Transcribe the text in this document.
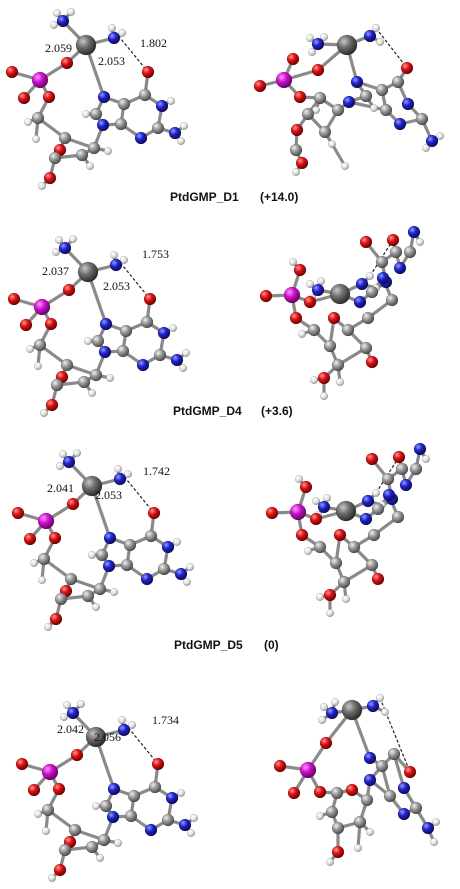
2.059
2.053
1.802
PtdGMP_D1 (+14.0)
2.037
2.053
1.753
PtdGMP_D4 (+3.6)
2.041 2.053
1.742
PtdGMP_D5 (0)
2.042
2.056
1.734
